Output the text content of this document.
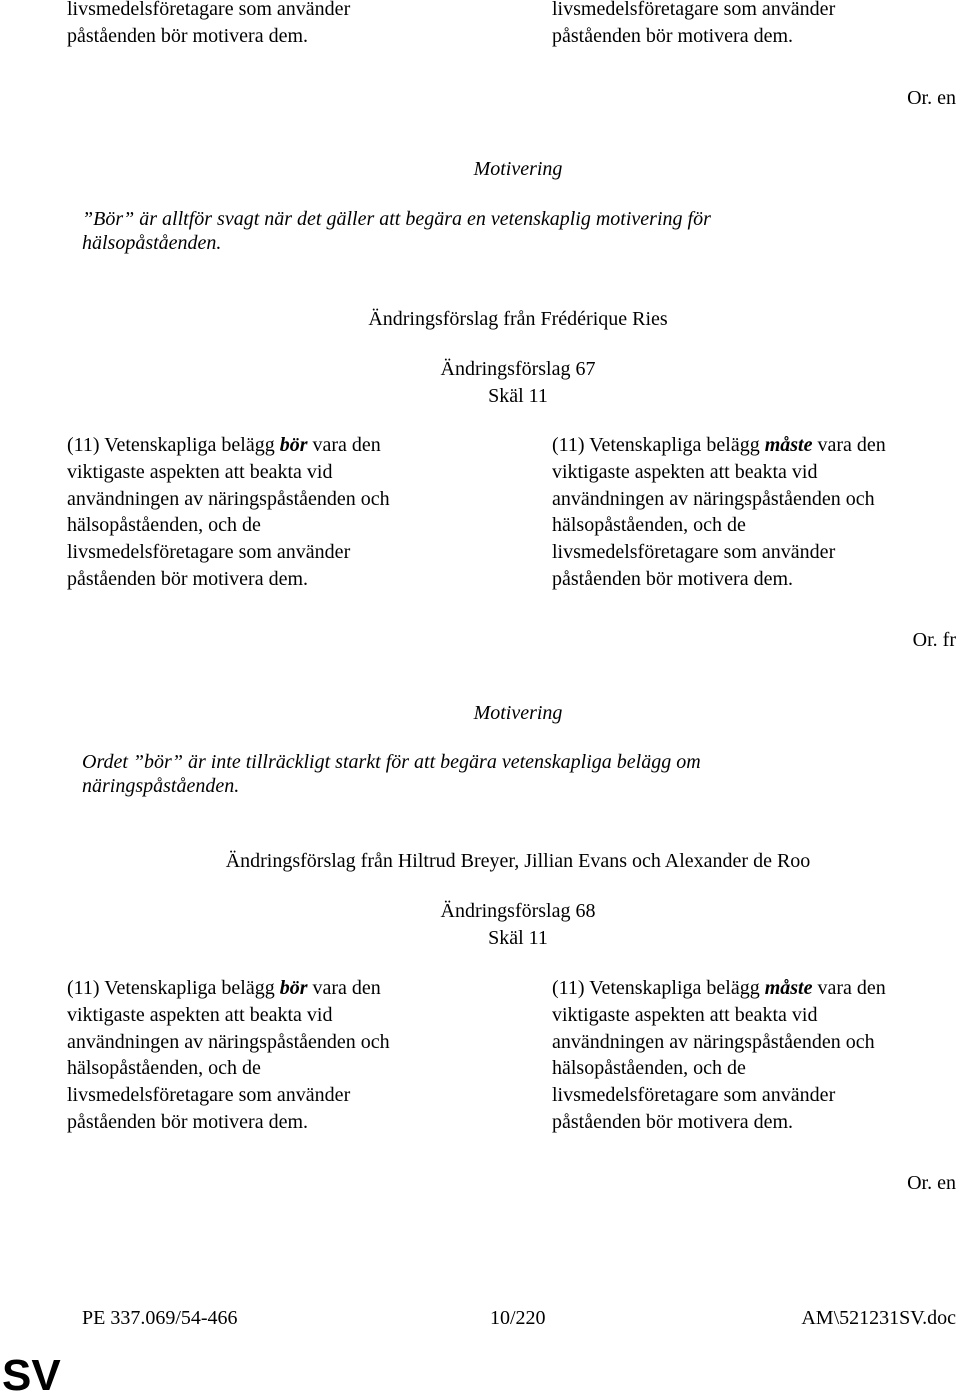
livsmedelsföretagare som använder
påståenden bör motivera dem.
livsmedelsföretagare som använder
påståenden bör motivera dem.
Or. en
Motivering
”Bör” är alltför svagt när det gäller att begära en vetenskaplig motivering för
hälsopåståenden.
Ändringsförslag från Frédérique Ries
Ändringsförslag 67
Skäl 11
(11) Vetenskapliga belägg bör vara den
viktigaste aspekten att beakta vid
användningen av näringspåståenden och
hälsopåståenden, och de
livsmedelsföretagare som använder
påståenden bör motivera dem.
(11) Vetenskapliga belägg måste vara den
viktigaste aspekten att beakta vid
användningen av näringspåståenden och
hälsopåståenden, och de
livsmedelsföretagare som använder
påståenden bör motivera dem.
Or. fr
Motivering
Ordet ”bör” är inte tillräckligt starkt för att begära vetenskapliga belägg om
näringspåståenden.
Ändringsförslag från Hiltrud Breyer, Jillian Evans och Alexander de Roo
Ändringsförslag 68
Skäl 11
(11) Vetenskapliga belägg bör vara den
viktigaste aspekten att beakta vid
användningen av näringspåståenden och
hälsopåståenden, och de
livsmedelsföretagare som använder
påståenden bör motivera dem.
(11) Vetenskapliga belägg måste vara den
viktigaste aspekten att beakta vid
användningen av näringspåståenden och
hälsopåståenden, och de
livsmedelsföretagare som använder
påståenden bör motivera dem.
Or. en
PE 337.069/54-466	10/220	AM\521231SV.doc
SV
